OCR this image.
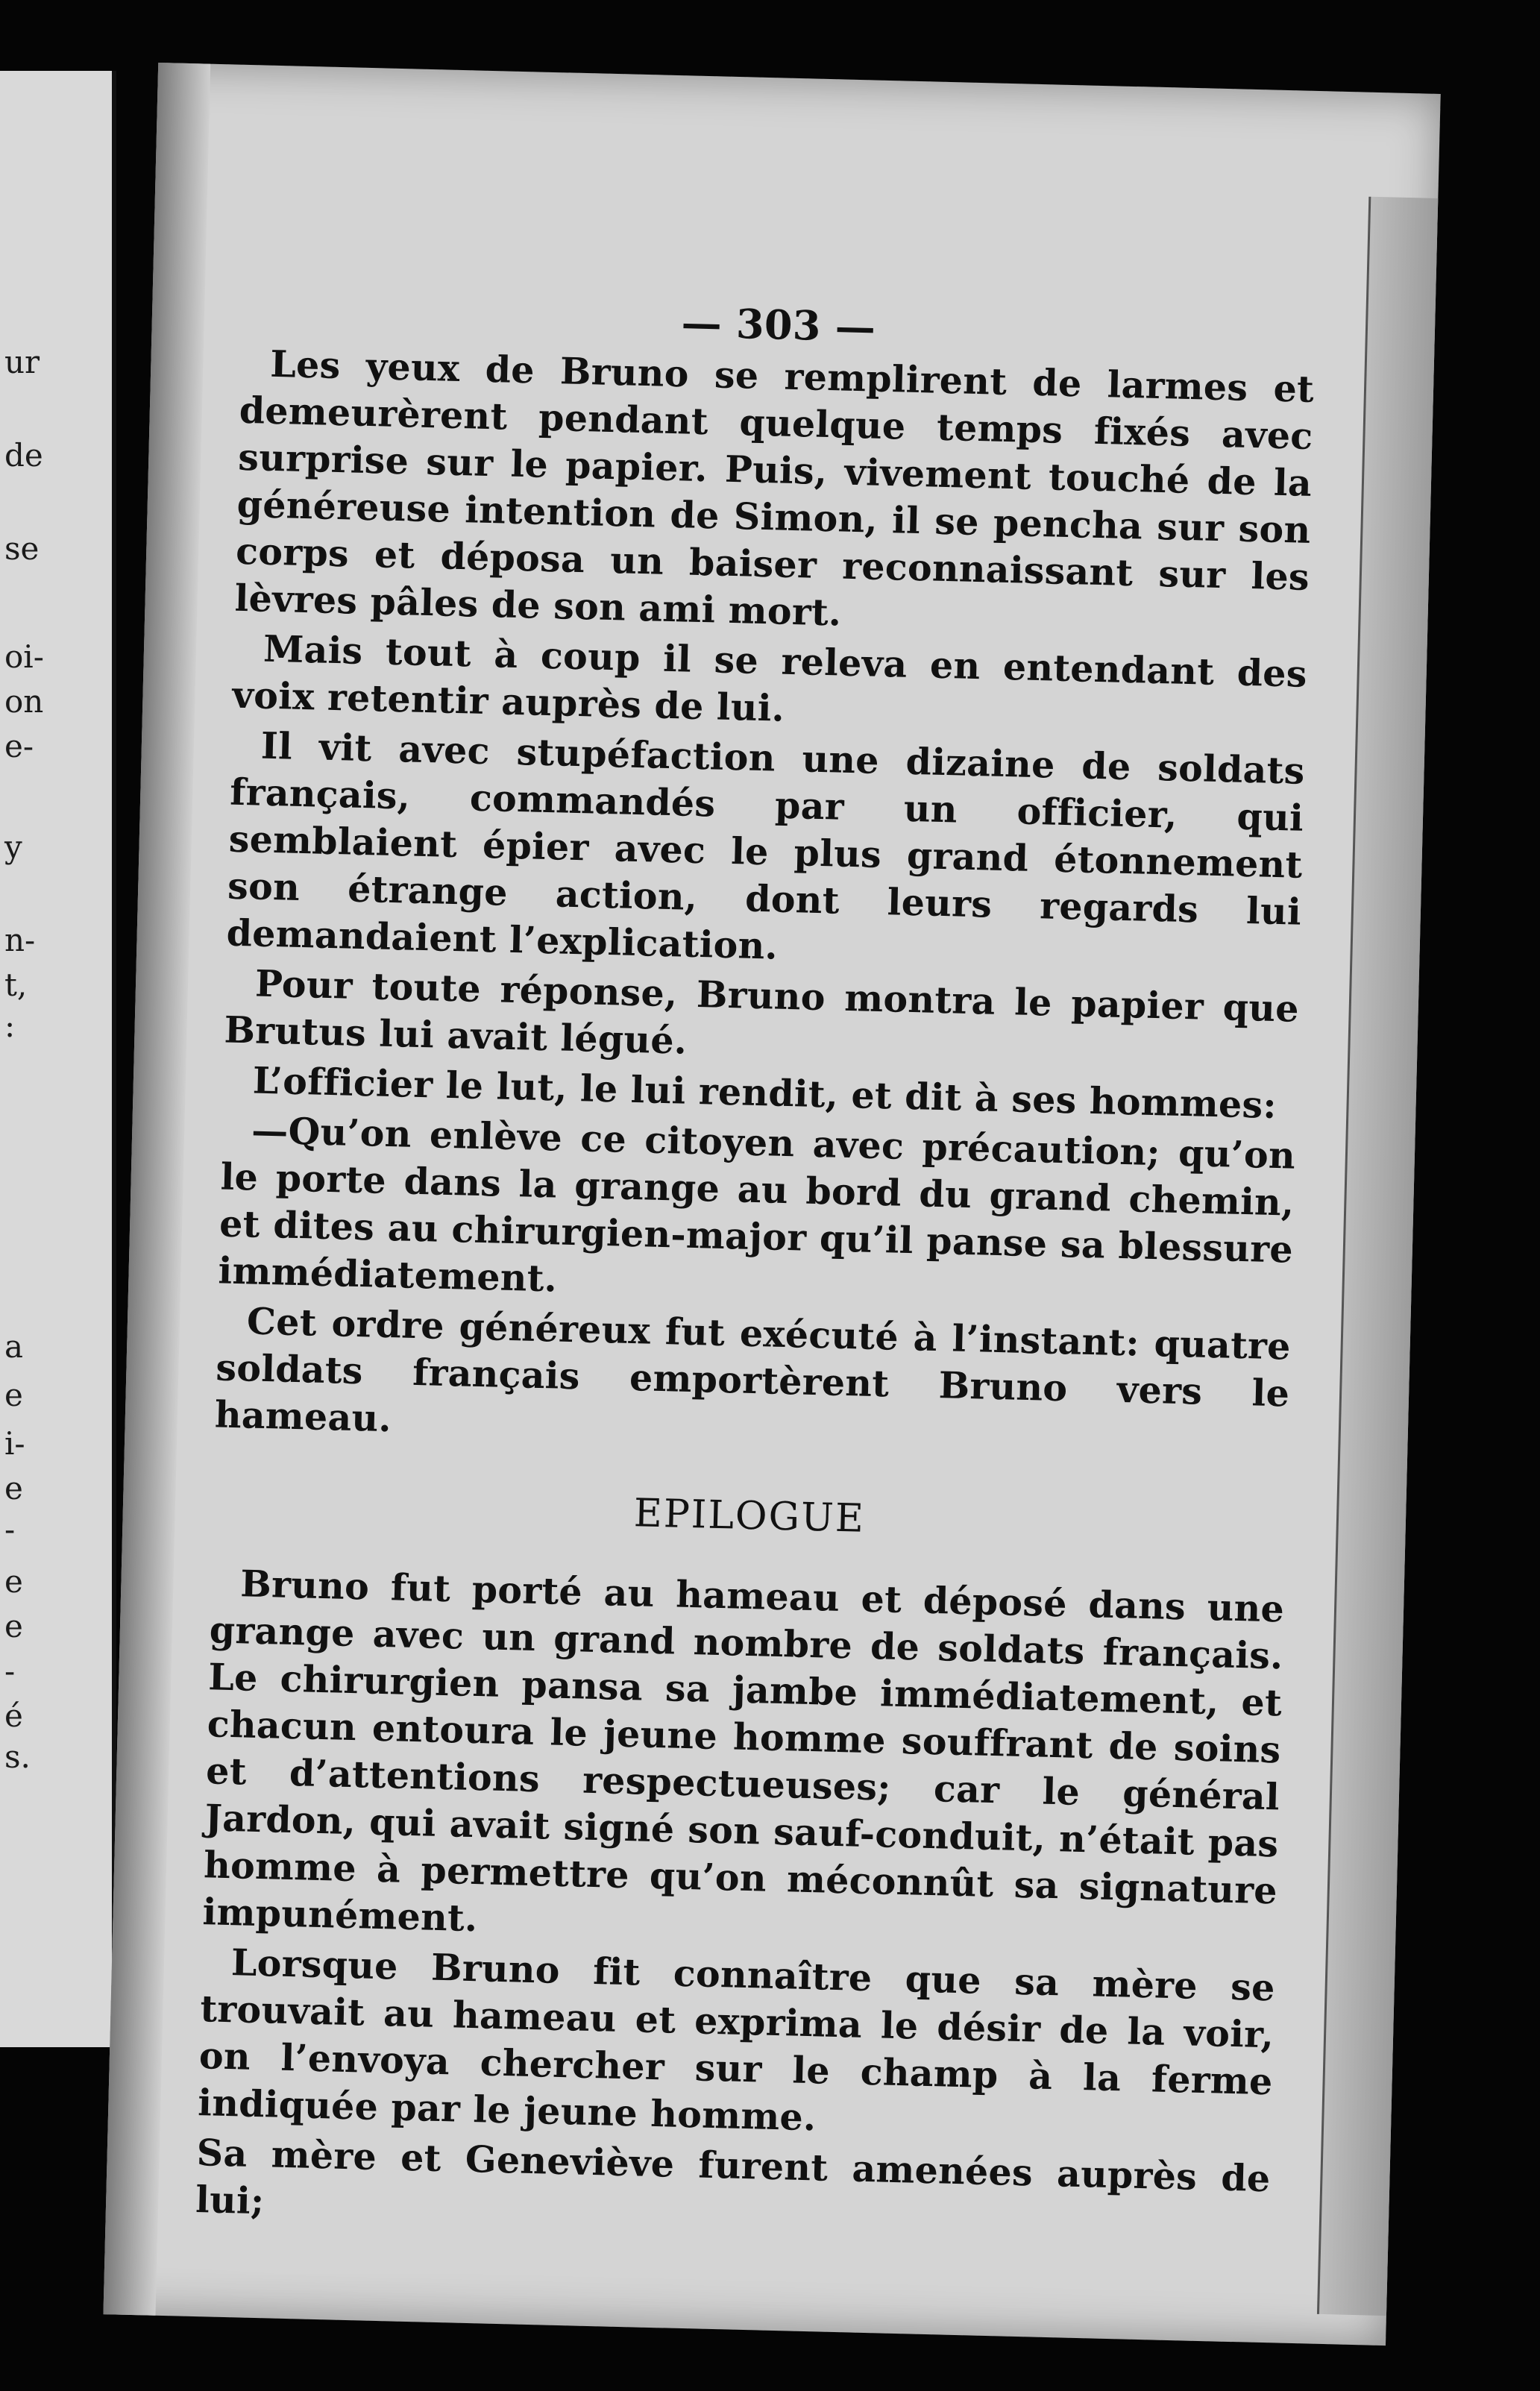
ur
de
se
oi-
on
e-
y
n-
t,
:
a
e
i-
e
-
e
e
-
é
s.
— 303 —

Les yeux de Bruno se remplirent de larmes et demeurèrent pendant quelque temps fixés avec surprise sur le papier. Puis, vivement touché de la généreuse intention de Simon, il se pencha sur son corps et déposa un baiser reconnaissant sur les lèvres pâles de son ami mort.

Mais tout à coup il se releva en entendant des voix retentir auprès de lui.

Il vit avec stupéfaction une dizaine de soldats français, commandés par un officier, qui semblaient épier avec le plus grand étonnement son étrange action, dont leurs regards lui demandaient l’explication.

Pour toute réponse, Bruno montra le papier que Brutus lui avait légué.

L’officier le lut, le lui rendit, et dit à ses hommes:

—Qu’on enlève ce citoyen avec précaution; qu’on le porte dans la grange au bord du grand chemin, et dites au chirurgien-major qu’il panse sa blessure immédiatement.

Cet ordre généreux fut exécuté à l’instant: quatre soldats français emportèrent Bruno vers le hameau.

EPILOGUE

Bruno fut porté au hameau et déposé dans une grange avec un grand nombre de soldats français. Le chirurgien pansa sa jambe immédiatement, et chacun entoura le jeune homme souffrant de soins et d’attentions respectueuses; car le général Jardon, qui avait signé son sauf-conduit, n’était pas homme à permettre qu’on méconnût sa signature impunément.

Lorsque Bruno fit connaître que sa mère se trouvait au hameau et exprima le désir de la voir, on l’envoya chercher sur le champ à la ferme indiquée par le jeune homme.

Sa mère et Geneviève furent amenées auprès de lui;
